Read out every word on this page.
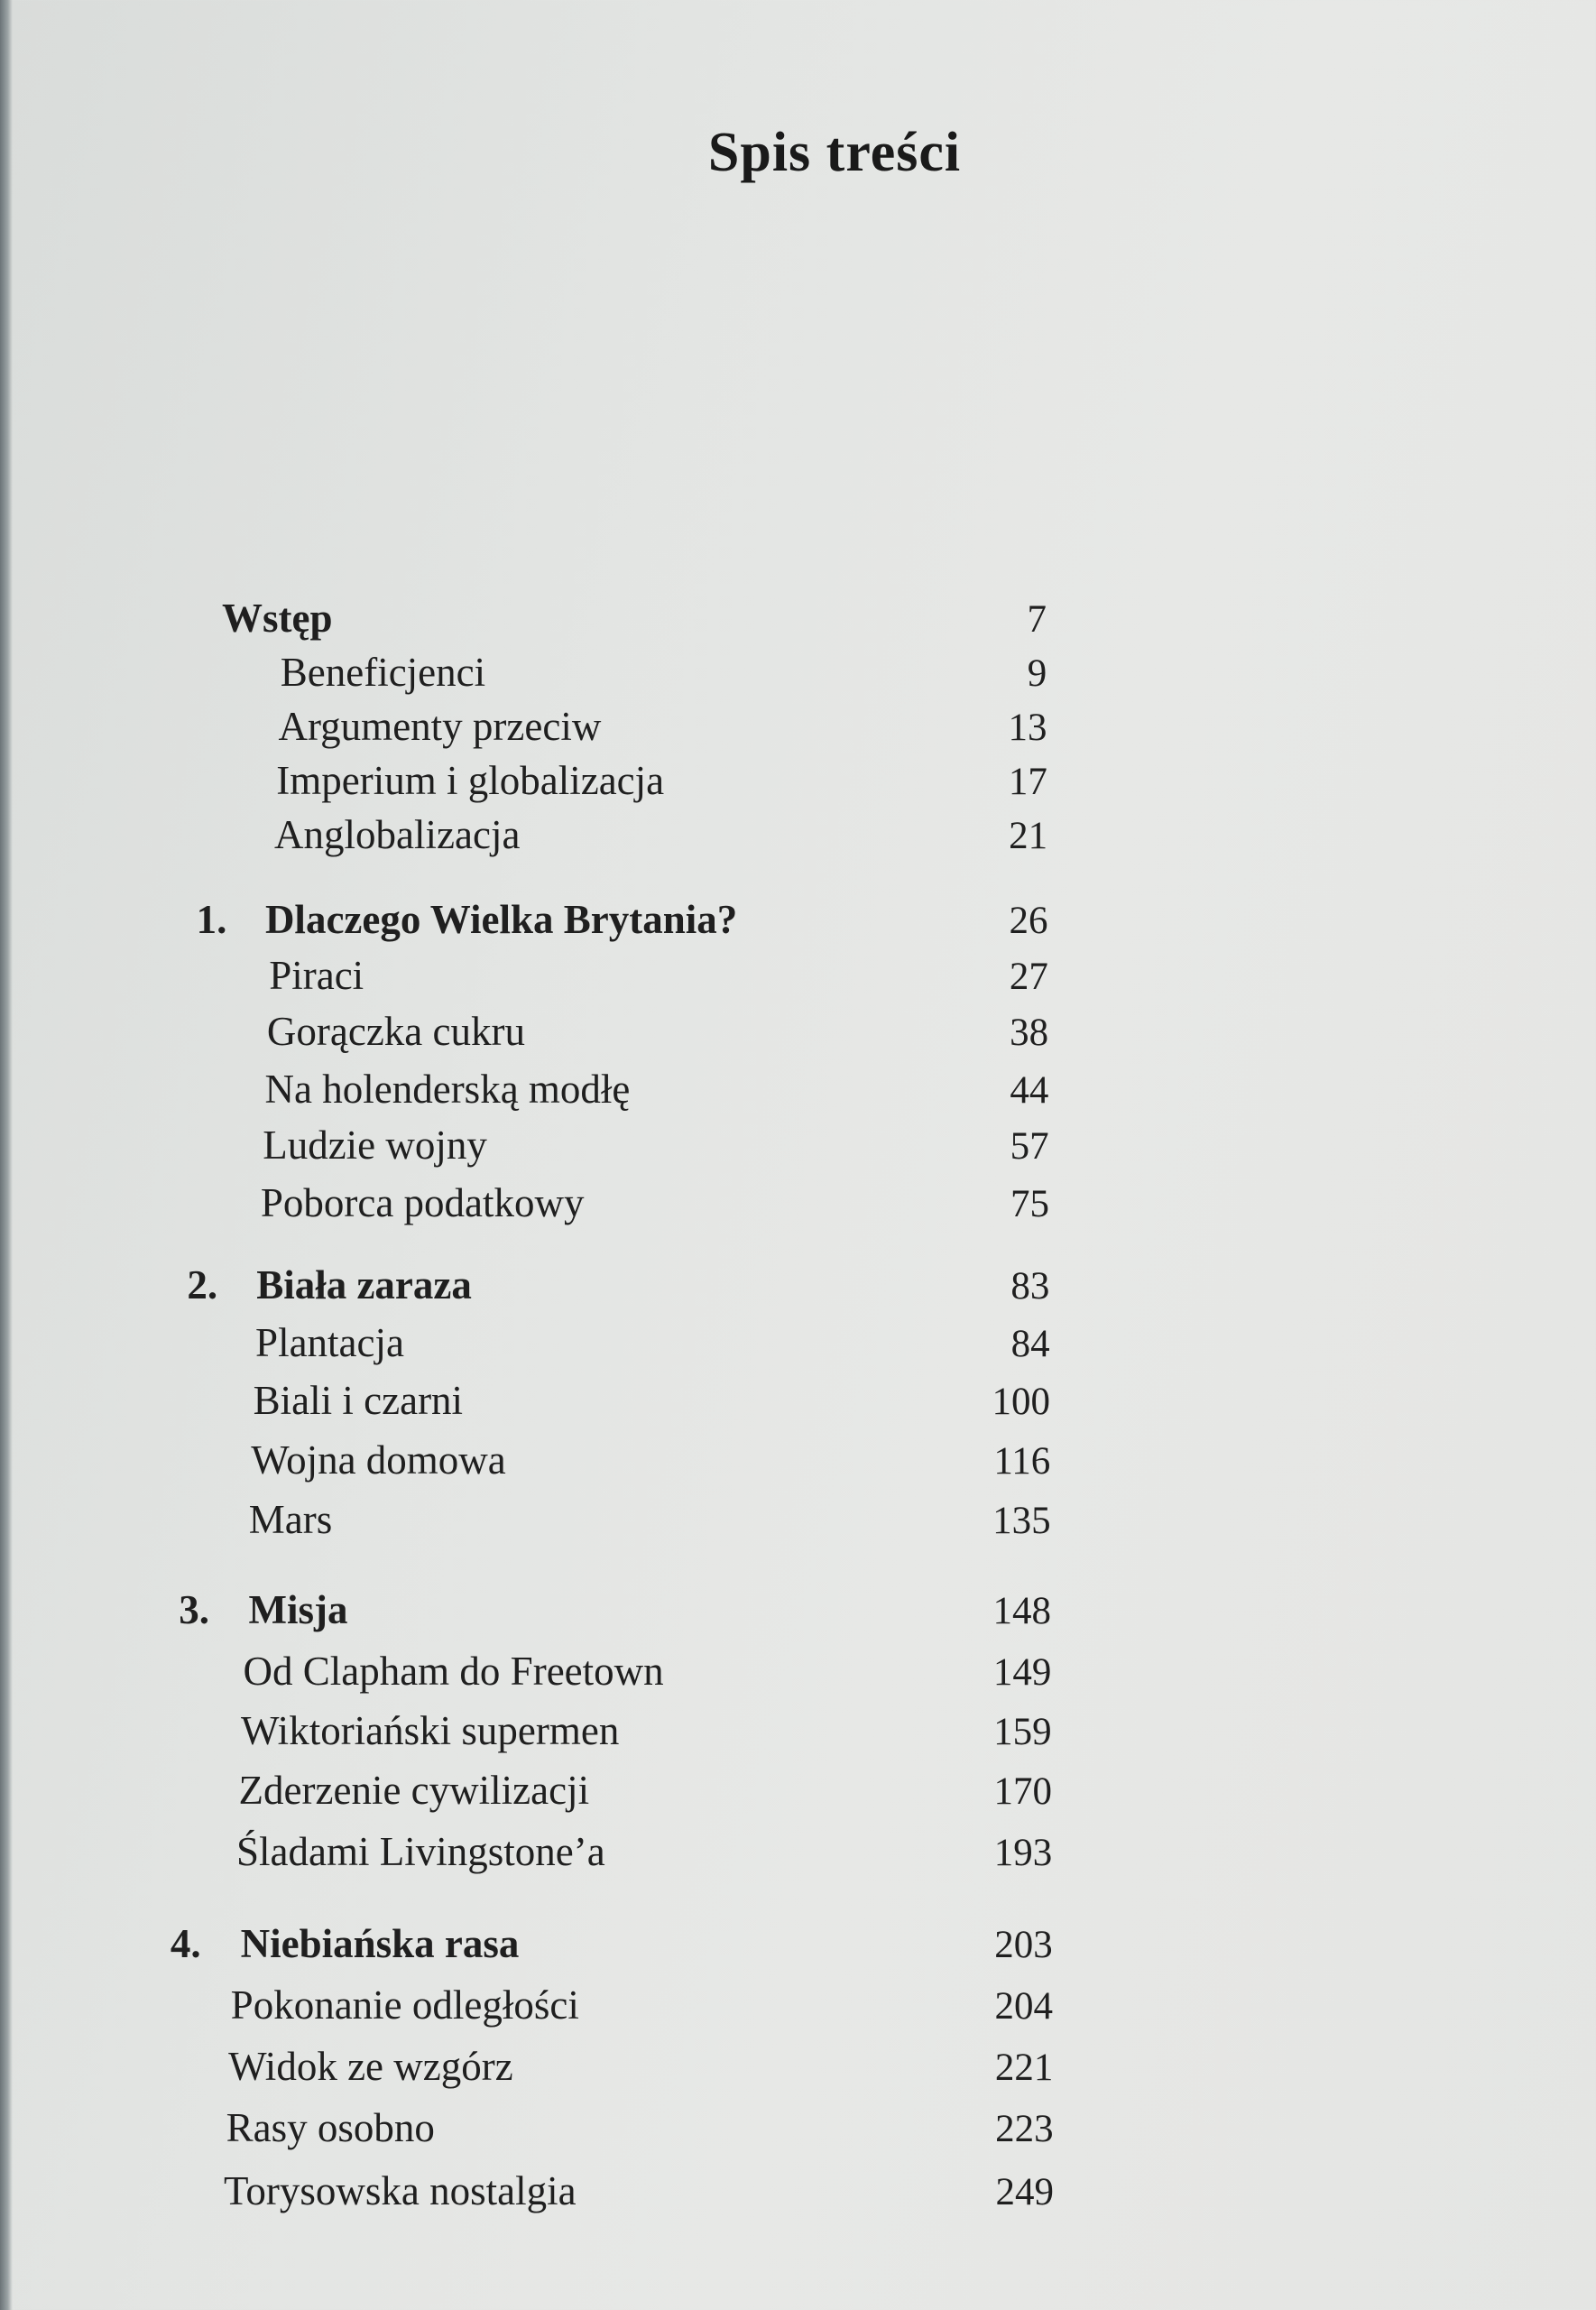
Spis treści
Wstęp	7
Beneficjenci	9
Argumenty przeciw	13
Imperium i globalizacja	17
Anglobalizacja	21
1. Dlaczego Wielka Brytania?	26
Piraci	27
Gorączka cukru	38
Na holenderską modłę	44
Ludzie wojny	57
Poborca podatkowy	75
2. Biała zaraza	83
Plantacja	84
Biali i czarni	100
Wojna domowa	116
Mars	135
3. Misja	148
Od Clapham do Freetown	149
Wiktoriański supermen	159
Zderzenie cywilizacji	170
Śladami Livingstone’a	193
4. Niebiańska rasa	203
Pokonanie odległości	204
Widok ze wzgórz	221
Rasy osobno	223
Torysowska nostalgia	249
